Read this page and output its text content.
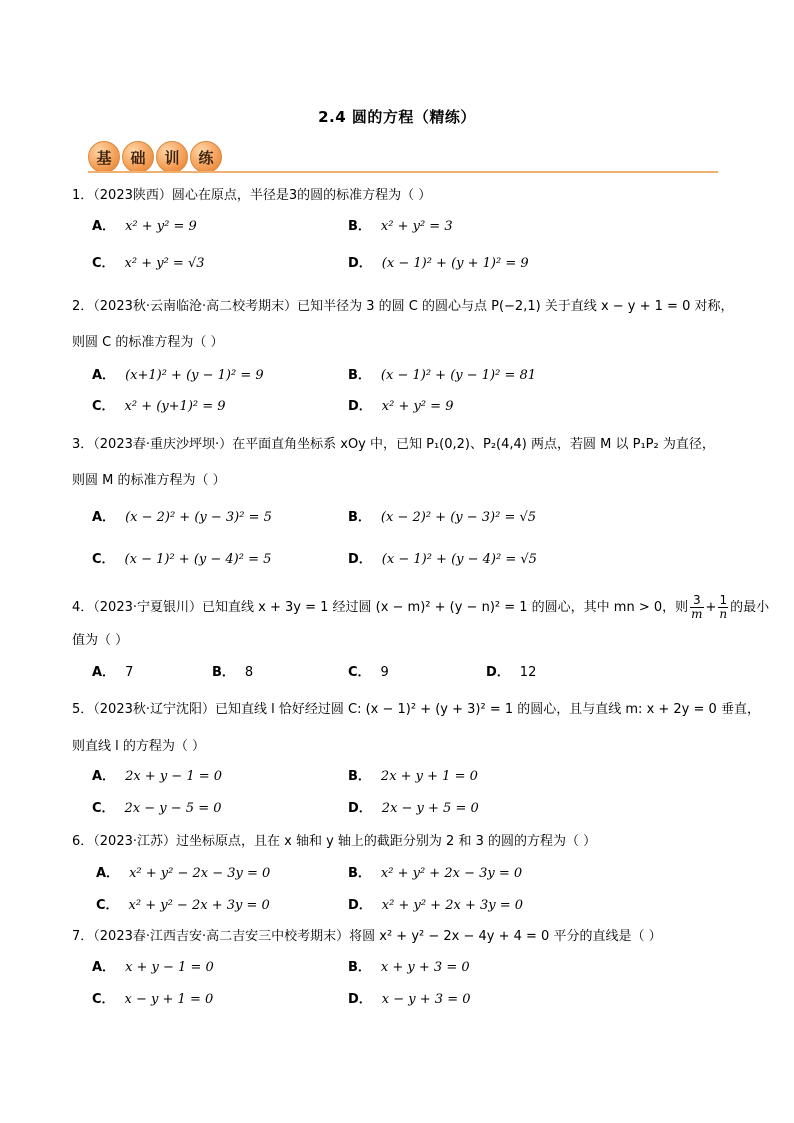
2.4 圆的方程（精练）
基	础	训	练
1．（2023陕西）圆心在原点，半径是3的圆的标准方程为（ ）
A． x² + y² = 9	B． x² + y² = 3
C． x² + y² = √3	D． (x − 1)² + (y + 1)² = 9
2．（2023秋·云南临沧·高二校考期末）已知半径为 3 的圆 C 的圆心与点 P(−2,1) 关于直线 x − y + 1 = 0 对称，
则圆 C 的标准方程为（ ）
A． (x+1)² + (y − 1)² = 9	B． (x − 1)² + (y − 1)² = 81
C． x² + (y+1)² = 9	D． x² + y² = 9
3．（2023春·重庆沙坪坝·）在平面直角坐标系 xOy 中，已知 P₁(0,2)、P₂(4,4) 两点，若圆 M 以 P₁P₂ 为直径，
则圆 M 的标准方程为（ ）
A． (x − 2)² + (y − 3)² = 5	B． (x − 2)² + (y − 3)² = √5
C． (x − 1)² + (y − 4)² = 5	D． (x − 1)² + (y − 4)² = √5
4．（2023·宁夏银川）已知直线 x + 3y = 1 经过圆 (x − m)² + (y − n)² = 1 的圆心，其中 mn > 0，则 $\frac{3}{m} + \frac{1}{n}$ 的最小
值为（ ）
A． 7	B． 8	C． 9	D． 12
5．（2023秋·辽宁沈阳）已知直线 l 恰好经过圆 C: (x − 1)² + (y + 3)² = 1 的圆心，且与直线 m: x + 2y = 0 垂直，
则直线 l 的方程为（ ）
A． 2x + y − 1 = 0	B． 2x + y + 1 = 0
C． 2x − y − 5 = 0	D． 2x − y + 5 = 0
6．（2023·江苏）过坐标原点，且在 x 轴和 y 轴上的截距分别为 2 和 3 的圆的方程为（ ）
A． x² + y² − 2x − 3y = 0	B． x² + y² + 2x − 3y = 0
C． x² + y² − 2x + 3y = 0	D． x² + y² + 2x + 3y = 0
7．（2023春·江西吉安·高二吉安三中校考期末）将圆 x² + y² − 2x − 4y + 4 = 0 平分的直线是（ ）
A． x + y − 1 = 0	B． x + y + 3 = 0
C． x − y + 1 = 0	D． x − y + 3 = 0
